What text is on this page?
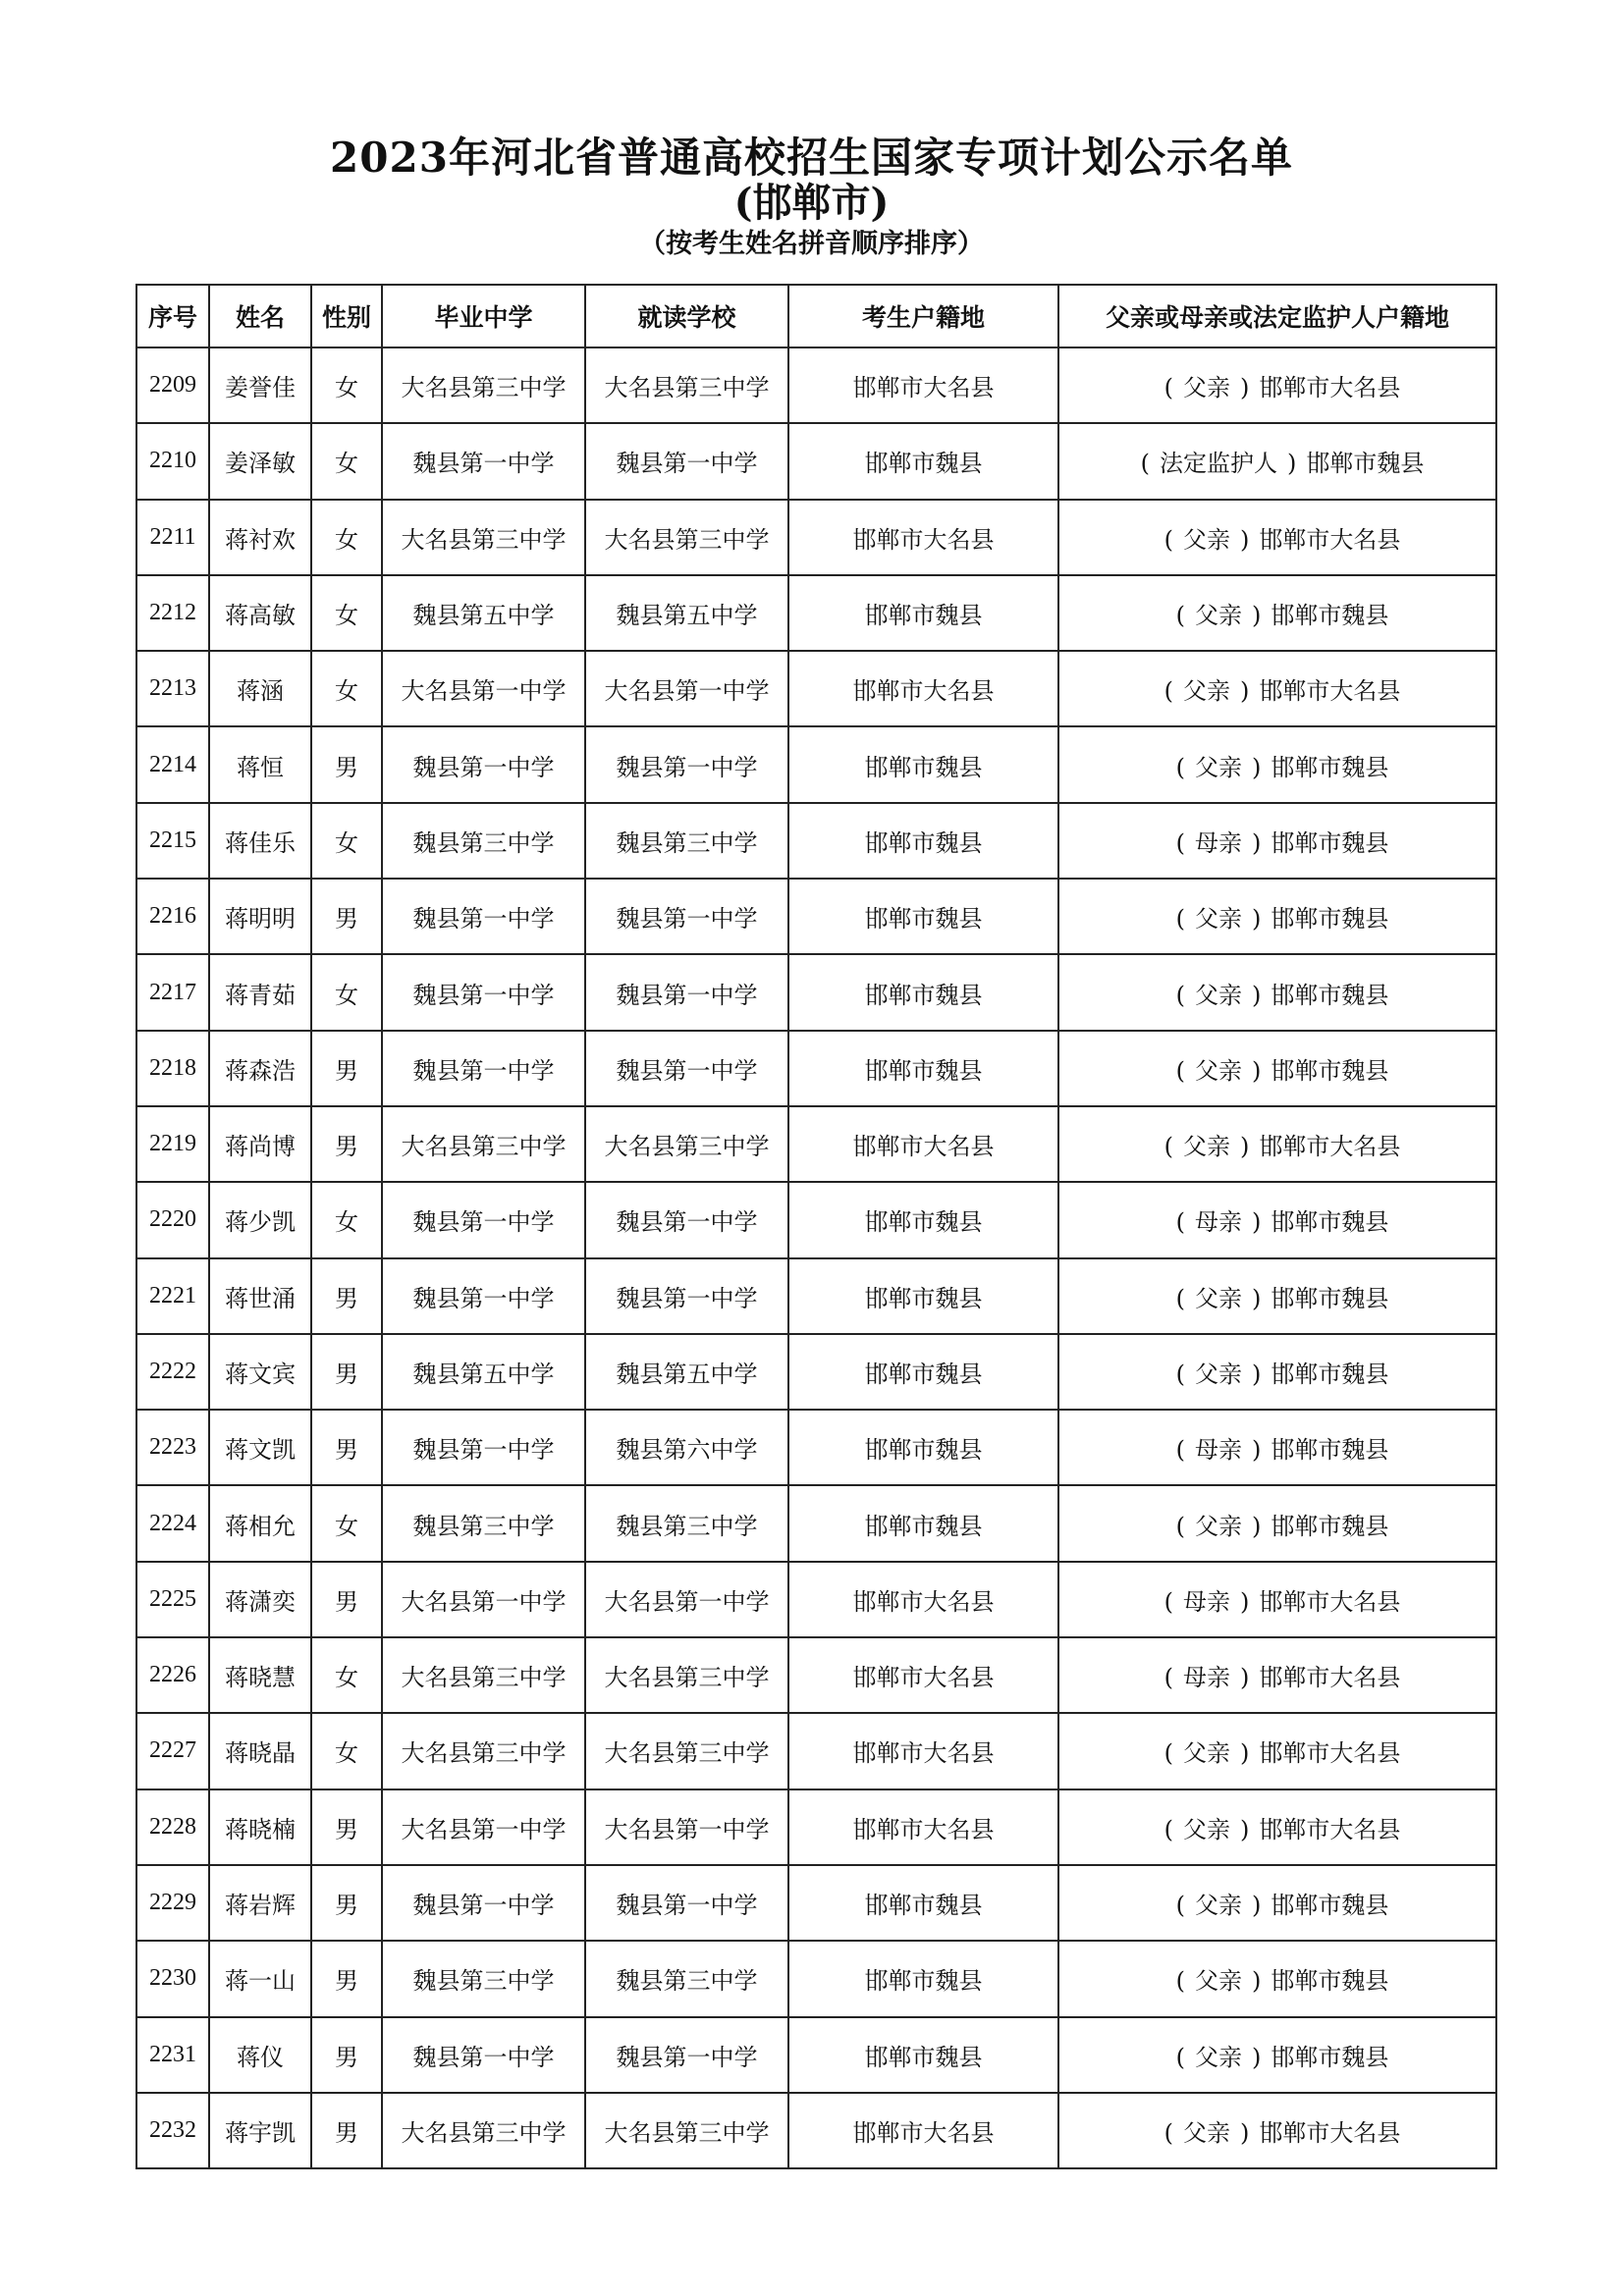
2023年河北省普通高校招生国家专项计划公示名单
(邯郸市)
（按考生姓名拼音顺序排序）
序号	姓名	性别	毕业中学	就读学校	考生户籍地	父亲或母亲或法定监护人户籍地
2209	姜誉佳	女	大名县第三中学	大名县第三中学	邯郸市大名县	( 父亲 ) 邯郸市大名县
2210	姜泽敏	女	魏县第一中学	魏县第一中学	邯郸市魏县	( 法定监护人 ) 邯郸市魏县
2211	蒋衬欢	女	大名县第三中学	大名县第三中学	邯郸市大名县	( 父亲 ) 邯郸市大名县
2212	蒋高敏	女	魏县第五中学	魏县第五中学	邯郸市魏县	( 父亲 ) 邯郸市魏县
2213	蒋涵	女	大名县第一中学	大名县第一中学	邯郸市大名县	( 父亲 ) 邯郸市大名县
2214	蒋恒	男	魏县第一中学	魏县第一中学	邯郸市魏县	( 父亲 ) 邯郸市魏县
2215	蒋佳乐	女	魏县第三中学	魏县第三中学	邯郸市魏县	( 母亲 ) 邯郸市魏县
2216	蒋明明	男	魏县第一中学	魏县第一中学	邯郸市魏县	( 父亲 ) 邯郸市魏县
2217	蒋青茹	女	魏县第一中学	魏县第一中学	邯郸市魏县	( 父亲 ) 邯郸市魏县
2218	蒋森浩	男	魏县第一中学	魏县第一中学	邯郸市魏县	( 父亲 ) 邯郸市魏县
2219	蒋尚博	男	大名县第三中学	大名县第三中学	邯郸市大名县	( 父亲 ) 邯郸市大名县
2220	蒋少凯	女	魏县第一中学	魏县第一中学	邯郸市魏县	( 母亲 ) 邯郸市魏县
2221	蒋世涌	男	魏县第一中学	魏县第一中学	邯郸市魏县	( 父亲 ) 邯郸市魏县
2222	蒋文宾	男	魏县第五中学	魏县第五中学	邯郸市魏县	( 父亲 ) 邯郸市魏县
2223	蒋文凯	男	魏县第一中学	魏县第六中学	邯郸市魏县	( 母亲 ) 邯郸市魏县
2224	蒋相允	女	魏县第三中学	魏县第三中学	邯郸市魏县	( 父亲 ) 邯郸市魏县
2225	蒋潇奕	男	大名县第一中学	大名县第一中学	邯郸市大名县	( 母亲 ) 邯郸市大名县
2226	蒋晓慧	女	大名县第三中学	大名县第三中学	邯郸市大名县	( 母亲 ) 邯郸市大名县
2227	蒋晓晶	女	大名县第三中学	大名县第三中学	邯郸市大名县	( 父亲 ) 邯郸市大名县
2228	蒋晓楠	男	大名县第一中学	大名县第一中学	邯郸市大名县	( 父亲 ) 邯郸市大名县
2229	蒋岩辉	男	魏县第一中学	魏县第一中学	邯郸市魏县	( 父亲 ) 邯郸市魏县
2230	蒋一山	男	魏县第三中学	魏县第三中学	邯郸市魏县	( 父亲 ) 邯郸市魏县
2231	蒋仪	男	魏县第一中学	魏县第一中学	邯郸市魏县	( 父亲 ) 邯郸市魏县
2232	蒋宇凯	男	大名县第三中学	大名县第三中学	邯郸市大名县	( 父亲 ) 邯郸市大名县
